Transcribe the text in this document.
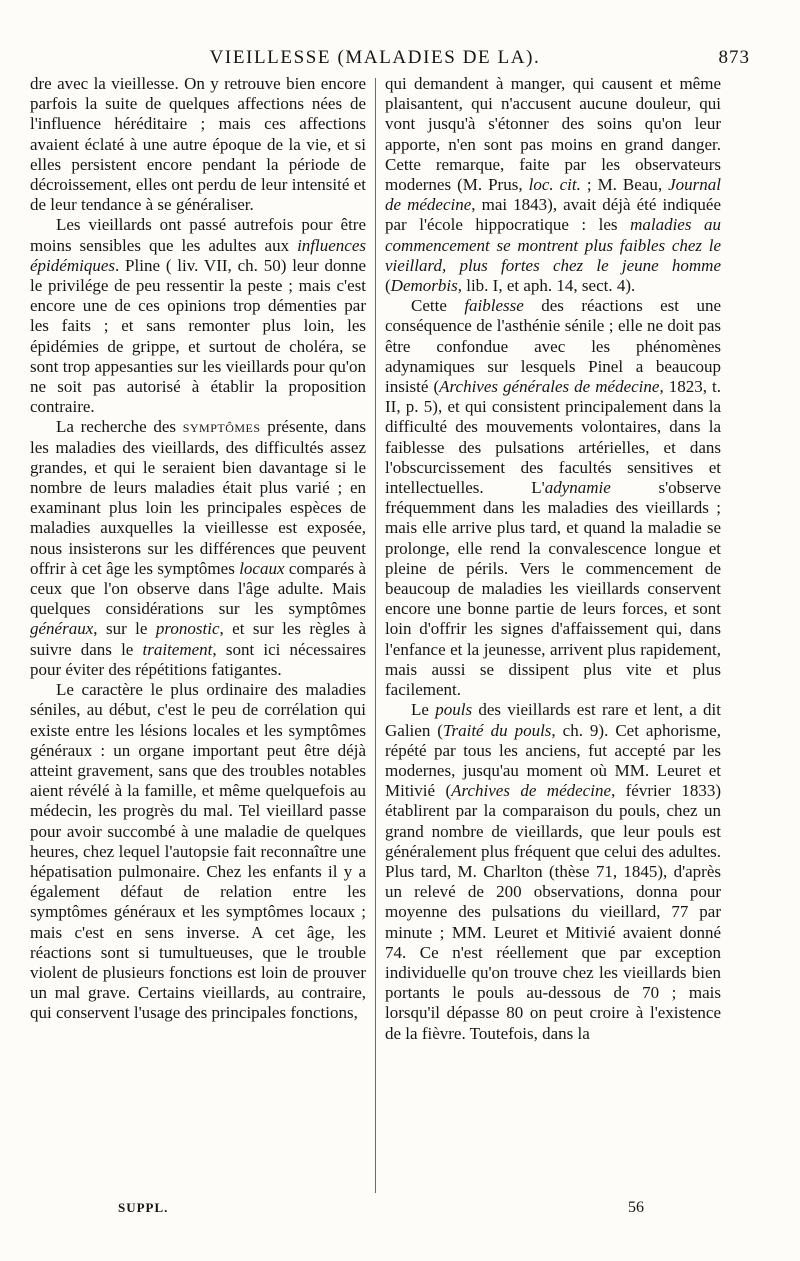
VIEILLESSE (MALADIES DE LA).	873

dre avec la vieillesse. On y retrouve bien encore parfois la suite de quelques affections nées de l'influence héréditaire ; mais ces affections avaient éclaté à une autre époque de la vie, et si elles persistent encore pendant la période de décroissement, elles ont perdu de leur intensité et de leur tendance à se généraliser.

Les vieillards ont passé autrefois pour être moins sensibles que les adultes aux influences épidémiques. Pline ( liv. VII, ch. 50) leur donne le privilége de peu ressentir la peste ; mais c'est encore une de ces opinions trop démenties par les faits ; et sans remonter plus loin, les épidémies de grippe, et surtout de choléra, se sont trop appesanties sur les vieillards pour qu'on ne soit pas autorisé à établir la proposition contraire.

La recherche des symptômes présente, dans les maladies des vieillards, des difficultés assez grandes, et qui le seraient bien davantage si le nombre de leurs maladies était plus varié ; en examinant plus loin les principales espèces de maladies auxquelles la vieillesse est exposée, nous insisterons sur les différences que peuvent offrir à cet âge les symptômes locaux comparés à ceux que l'on observe dans l'âge adulte. Mais quelques considérations sur les symptômes généraux, sur le pronostic, et sur les règles à suivre dans le traitement, sont ici nécessaires pour éviter des répétitions fatigantes.

Le caractère le plus ordinaire des maladies séniles, au début, c'est le peu de corrélation qui existe entre les lésions locales et les symptômes généraux : un organe important peut être déjà atteint gravement, sans que des troubles notables aient révélé à la famille, et même quelquefois au médecin, les progrès du mal. Tel vieillard passe pour avoir succombé à une maladie de quelques heures, chez lequel l'autopsie fait reconnaître une hépatisation pulmonaire. Chez les enfants il y a également défaut de relation entre les symptômes généraux et les symptômes locaux ; mais c'est en sens inverse. A cet âge, les réactions sont si tumultueuses, que le trouble violent de plusieurs fonctions est loin de prouver un mal grave. Certains vieillards, au contraire, qui conservent l'usage des principales fonctions,

qui demandent à manger, qui causent et même plaisantent, qui n'accusent aucune douleur, qui vont jusqu'à s'étonner des soins qu'on leur apporte, n'en sont pas moins en grand danger. Cette remarque, faite par les observateurs modernes (M. Prus, loc. cit. ; M. Beau, Journal de médecine, mai 1843), avait déjà été indiquée par l'école hippocratique : les maladies au commencement se montrent plus faibles chez le vieillard, plus fortes chez le jeune homme (Demorbis, lib. I, et aph. 14, sect. 4).

Cette faiblesse des réactions est une conséquence de l'asthénie sénile ; elle ne doit pas être confondue avec les phénomènes adynamiques sur lesquels Pinel a beaucoup insisté (Archives générales de médecine, 1823, t. II, p. 5), et qui consistent principalement dans la difficulté des mouvements volontaires, dans la faiblesse des pulsations artérielles, et dans l'obscurcissement des facultés sensitives et intellectuelles. L'adynamie s'observe fréquemment dans les maladies des vieillards ; mais elle arrive plus tard, et quand la maladie se prolonge, elle rend la convalescence longue et pleine de périls. Vers le commencement de beaucoup de maladies les vieillards conservent encore une bonne partie de leurs forces, et sont loin d'offrir les signes d'affaissement qui, dans l'enfance et la jeunesse, arrivent plus rapidement, mais aussi se dissipent plus vite et plus facilement.

Le pouls des vieillards est rare et lent, a dit Galien (Traité du pouls, ch. 9). Cet aphorisme, répété par tous les anciens, fut accepté par les modernes, jusqu'au moment où MM. Leuret et Mitivié (Archives de médecine, février 1833) établirent par la comparaison du pouls, chez un grand nombre de vieillards, que leur pouls est généralement plus fréquent que celui des adultes. Plus tard, M. Charlton (thèse 71, 1845), d'après un relevé de 200 observations, donna pour moyenne des pulsations du vieillard, 77 par minute ; MM. Leuret et Mitivié avaient donné 74. Ce n'est réellement que par exception individuelle qu'on trouve chez les vieillards bien portants le pouls au-dessous de 70 ; mais lorsqu'il dépasse 80 on peut croire à l'existence de la fièvre. Toutefois, dans la

SUPPL.	56
